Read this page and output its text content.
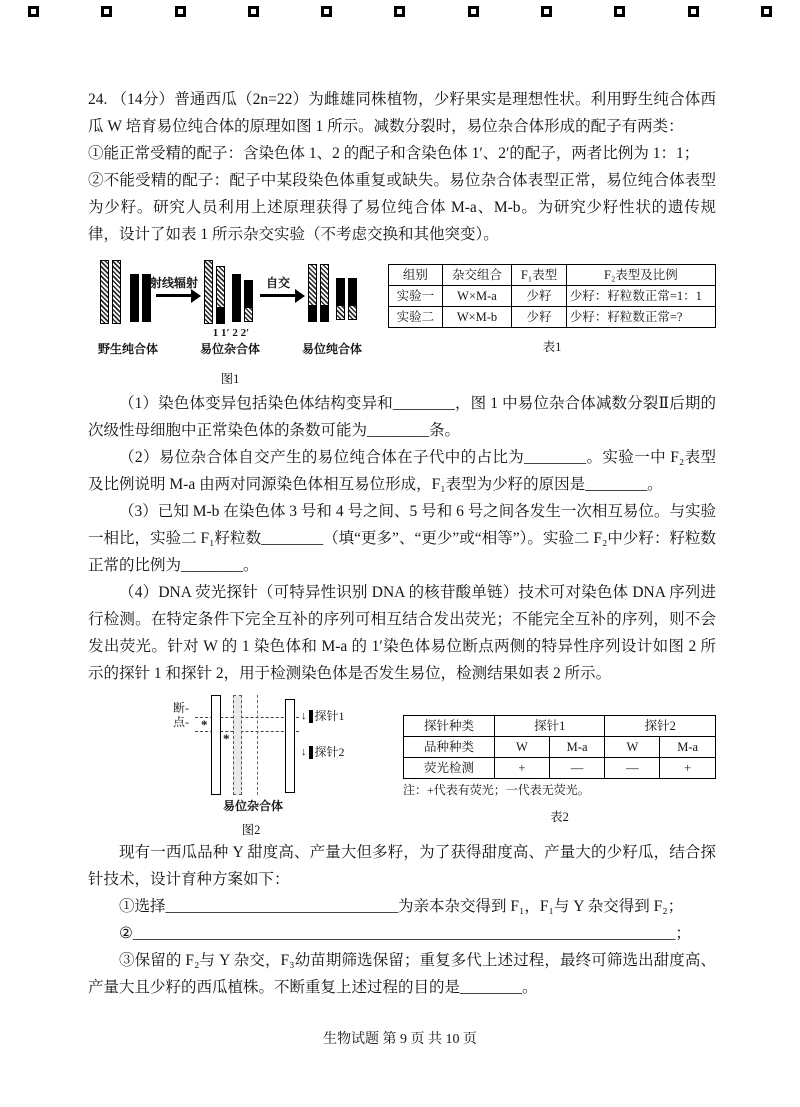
24. （14分）普通西瓜（2n=22）为雌雄同株植物，少籽果实是理想性状。利用野生纯合体西瓜 W 培育易位纯合体的原理如图 1 所示。减数分裂时，易位杂合体形成的配子有两类：

①能正常受精的配子：含染色体 1、2 的配子和含染色体 1′、2′的配子，两者比例为 1：1；

②不能受精的配子：配子中某段染色体重复或缺失。易位杂合体表型正常，易位纯合体表型为少籽。研究人员利用上述原理获得了易位纯合体 M-a、M-b。为研究少籽性状的遗传规律，设计了如表 1 所示杂交实验（不考虑交换和其他突变）。

射线辐射	自交
1 1′ 2 2′
野生纯合体	易位杂合体	易位纯合体
图1
组别	杂交组合	F₁表型	F₂表型及比例
实验一	W×M-a	少籽	少籽：籽粒数正常=1：1
实验二	W×M-b	少籽	少籽：籽粒数正常=?
表1

（1）染色体变异包括染色体结构变异和________，图 1 中易位杂合体减数分裂Ⅱ后期的次级性母细胞中正常染色体的条数可能为________条。

（2）易位杂合体自交产生的易位纯合体在子代中的占比为________。实验一中 F₂表型及比例说明 M-a 由两对同源染色体相互易位形成，F₁表型为少籽的原因是________。

（3）已知 M-b 在染色体 3 号和 4 号之间、5 号和 6 号之间各发生一次相互易位。与实验一相比，实验二 F₁籽粒数________（填“更多”、“更少”或“相等”）。实验二 F₂中少籽：籽粒数正常的比例为________。

（4）DNA 荧光探针（可特异性识别 DNA 的核苷酸单链）技术可对染色体 DNA 序列进行检测。在特定条件下完全互补的序列可相互结合发出荧光；不能完全互补的序列，则不会发出荧光。针对 W 的 1 染色体和 M-a 的 1′染色体易位断点两侧的特异性序列设计如图 2 所示的探针 1 和探针 2，用于检测染色体是否发生易位，检测结果如表 2 所示。

断-
点- *
*
↓ 探针1
↓ 探针2
易位杂合体
图2
探针种类	探针1		探针2	
品种种类	W	M-a	W	M-a
荧光检测	+	—	—	+
注：+代表有荧光；一代表无荧光。
表2

现有一西瓜品种 Y 甜度高、产量大但多籽，为了获得甜度高、产量大的少籽瓜，结合探针技术，设计育种方案如下：

①选择______________________________为亲本杂交得到 F₁，F₁与 Y 杂交得到 F₂；

②______________________________________________________________________；

③保留的 F₂与 Y 杂交，F₃幼苗期筛选保留；重复多代上述过程，最终可筛选出甜度高、产量大且少籽的西瓜植株。不断重复上述过程的目的是________。

生物试题 第 9 页 共 10 页
